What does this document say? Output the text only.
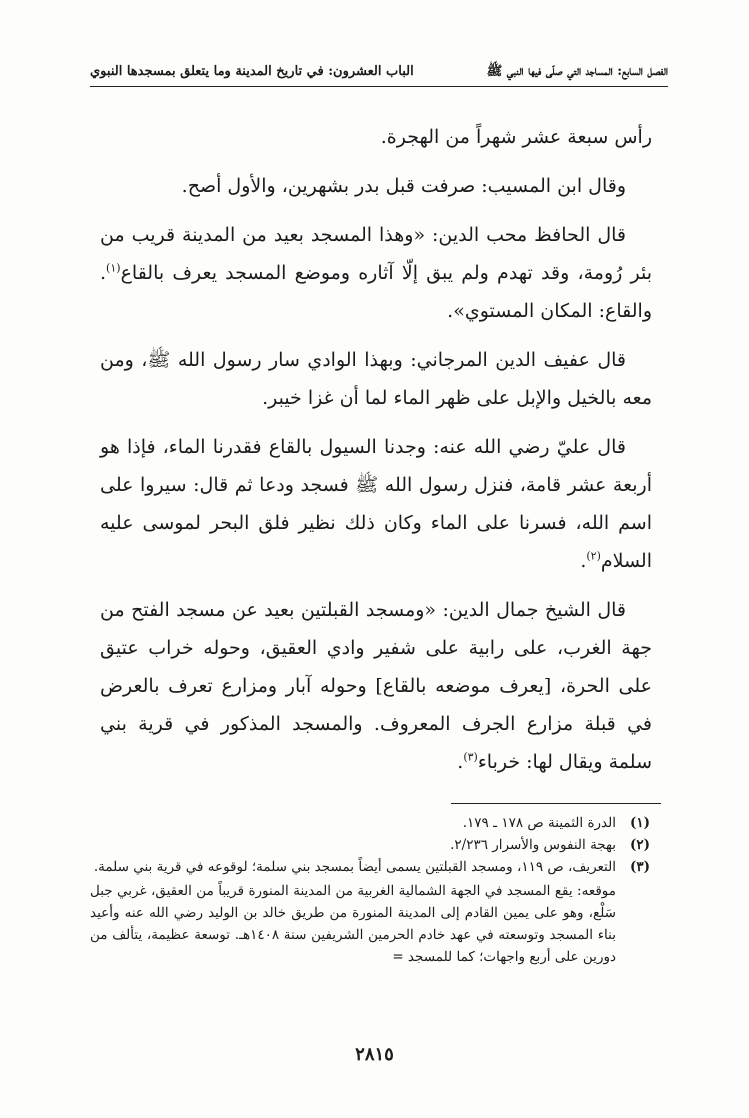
الفصل السابع: المساجد التي صلّى فيها النبي ﷺ
الباب العشرون: في تاريخ المدينة وما يتعلق بمسجدها النبوي

رأس سبعة عشر شهراً من الهجرة.

وقال ابن المسيب: صرفت قبل بدر بشهرين، والأول أصح.

قال الحافظ محب الدين: «وهذا المسجد بعيد من المدينة قريب من بئر رُومة، وقد تهدم ولم يبق إلّا آثاره وموضع المسجد يعرف بالقاع$^{(١)}$. والقاع: المكان المستوي».

قال عفيف الدين المرجاني: وبهذا الوادي سار رسول الله ﷺ، ومن معه بالخيل والإبل على ظهر الماء لما أن غزا خيبر.

قال عليّ رضي الله عنه: وجدنا السيول بالقاع فقدرنا الماء، فإذا هو أربعة عشر قامة، فنزل رسول الله ﷺ فسجد ودعا ثم قال: سيروا على اسم الله، فسرنا على الماء وكان ذلك نظير فلق البحر لموسى عليه السلام$^{(٢)}$.

قال الشيخ جمال الدين: «ومسجد القبلتين بعيد عن مسجد الفتح من جهة الغرب، على رابية على شفير وادي العقيق، وحوله خراب عتيق على الحرة، [يعرف موضعه بالقاع] وحوله آبار ومزارع تعرف بالعرض في قبلة مزارع الجرف المعروف. والمسجد المذكور في قرية بني سلمة ويقال لها: خرباء$^{(٣)}$.

(١)
الدرة الثمينة ص ١٧٨ ـ ١٧٩.
(٢)
بهجة النفوس والأسرار ٢/٢٣٦.
(٣)
التعريف، ص ١١٩، ومسجد القبلتين يسمى أيضاً بمسجد بني سلمة؛ لوقوعه في قرية بني سلمة.

موقعه: يقع المسجد في الجهة الشمالية الغربية من المدينة المنورة قريباً من العقيق، غربي جبل سَلْع، وهو على يمين القادم إلى المدينة المنورة من طريق خالد بن الوليد رضي الله عنه وأعيد بناء المسجد وتوسعته في عهد خادم الحرمين الشريفين سنة ١٤٠٨هـ. توسعة عظيمة، يتألف من دورين على أربع واجهات؛ كما للمسجد =

٢٨١٥
